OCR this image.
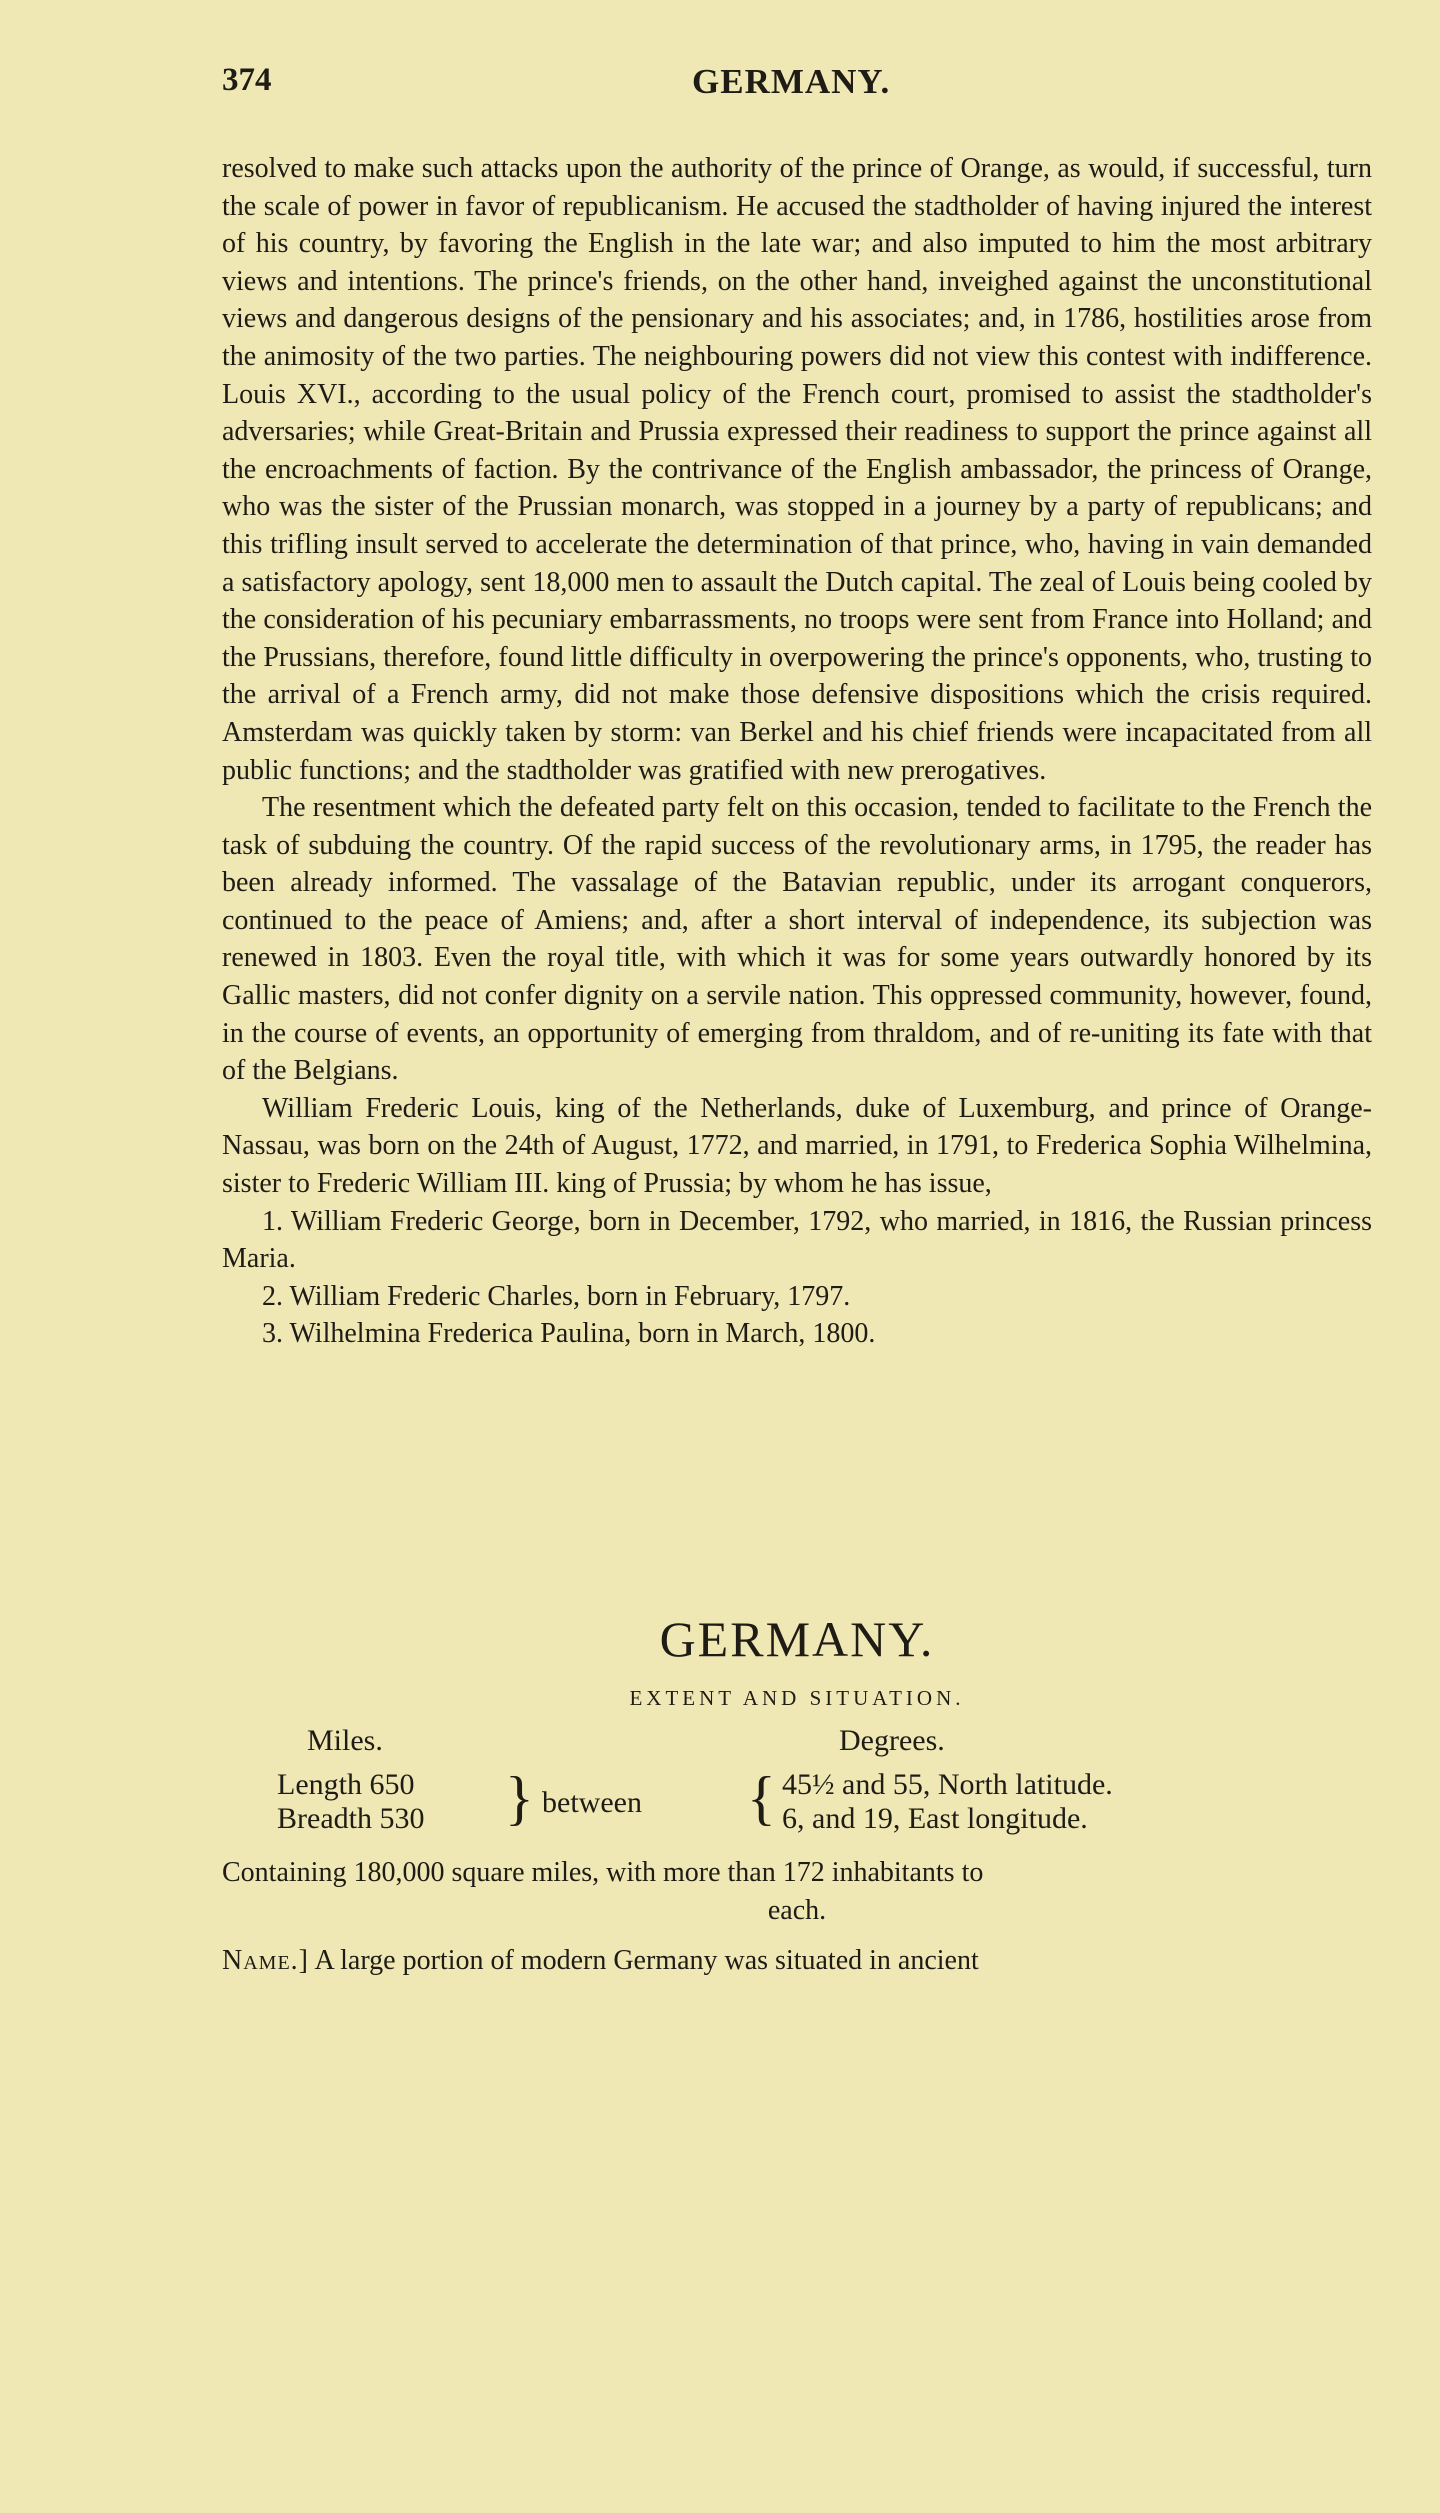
374	GERMANY.

resolved to make such attacks upon the authority of the prince of Orange, as would, if successful, turn the scale of power in favor of republicanism. He accused the stadtholder of having injured the interest of his country, by favoring the English in the late war; and also imputed to him the most arbitrary views and intentions. The prince's friends, on the other hand, inveighed against the unconstitutional views and dangerous designs of the pensionary and his associates; and, in 1786, hostilities arose from the animosity of the two parties. The neighbouring powers did not view this contest with indifference. Louis XVI., according to the usual policy of the French court, promised to assist the stadtholder's adversaries; while Great-Britain and Prussia expressed their readiness to support the prince against all the encroachments of faction. By the contrivance of the English ambassador, the princess of Orange, who was the sister of the Prussian monarch, was stopped in a journey by a party of republicans; and this trifling insult served to accelerate the determination of that prince, who, having in vain demanded a satisfactory apology, sent 18,000 men to assault the Dutch capital. The zeal of Louis being cooled by the consideration of his pecuniary embarrassments, no troops were sent from France into Holland; and the Prussians, therefore, found little difficulty in overpowering the prince's opponents, who, trusting to the arrival of a French army, did not make those defensive dispositions which the crisis required. Amsterdam was quickly taken by storm: van Berkel and his chief friends were incapacitated from all public functions; and the stadtholder was gratified with new prerogatives.

The resentment which the defeated party felt on this occasion, tended to facilitate to the French the task of subduing the country. Of the rapid success of the revolutionary arms, in 1795, the reader has been already informed. The vassalage of the Batavian republic, under its arrogant conquerors, continued to the peace of Amiens; and, after a short interval of independence, its subjection was renewed in 1803. Even the royal title, with which it was for some years outwardly honored by its Gallic masters, did not confer dignity on a servile nation. This oppressed community, however, found, in the course of events, an opportunity of emerging from thraldom, and of re-uniting its fate with that of the Belgians.

William Frederic Louis, king of the Netherlands, duke of Luxemburg, and prince of Orange-Nassau, was born on the 24th of August, 1772, and married, in 1791, to Frederica Sophia Wilhelmina, sister to Frederic William III. king of Prussia; by whom he has issue,

1. William Frederic George, born in December, 1792, who married, in 1816, the Russian princess Maria.

2. William Frederic Charles, born in February, 1797.

3. Wilhelmina Frederica Paulina, born in March, 1800.

GERMANY.

EXTENT AND SITUATION.

Miles.	Degrees.
Length 650
Breadth 530 } between { 45½ and 55, North latitude.
6, and 19, East longitude.

Containing 180,000 square miles, with more than 172 inhabitants to

each.

Name.] A large portion of modern Germany was situated in ancient
